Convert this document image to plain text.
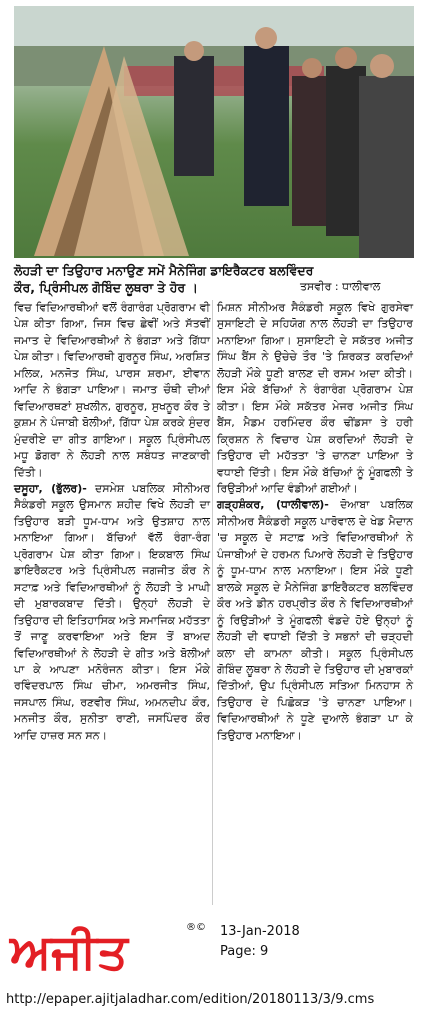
ਲੋਹੜੀ ਦਾ ਤਿਉਹਾਰ ਮਨਾਉਣ ਸਮੇਂ ਮੈਨੇਜਿੰਗ ਡਾਇਰੈਕਟਰ ਬਲਵਿੰਦਰ
ਕੌਰ, ਪ੍ਰਿੰਸੀਪਲ ਗੋਬਿੰਦ ਲੂਥਰਾ ਤੇ ਹੋਰ ।	ਤਸਵੀਰ : ਧਾਲੀਵਾਲ

ਵਿਚ ਵਿਦਿਆਰਥੀਆਂ ਵਲੋਂ ਰੰਗਾਰੰਗ ਪ੍ਰੋਗਰਾਮ ਵੀ ਪੇਸ਼ ਕੀਤਾ ਗਿਆ, ਜਿਸ ਵਿਚ ਛੇਵੀਂ ਅਤੇ ਸੱਤਵੀਂ ਜਮਾਤ ਦੇ ਵਿਦਿਆਰਥੀਆਂ ਨੇ ਭੰਗੜਾ ਅਤੇ ਗਿੱਧਾ ਪੇਸ਼ ਕੀਤਾ। ਵਿਦਿਆਰਥੀ ਗੁਰਨੂਰ ਸਿੰਘ, ਅਰਸ਼ਿਤ ਮਲਿਕ, ਮਨਜੋਤ ਸਿੰਘ, ਪਾਰਸ ਸ਼ਰਮਾ, ਈਵਾਨ ਆਦਿ ਨੇ ਭੰਗੜਾ ਪਾਇਆ। ਜਮਾਤ ਚੌਥੀ ਦੀਆਂ ਵਿਦਿਆਰਥਣਾਂ ਸੁਖਲੀਨ, ਗੁਰਨੂਰ, ਸੁਖਨੂਰ ਕੌਰ ਤੇ ਕੁਸ਼ਮ ਨੇ ਪੰਜਾਬੀ ਬੋਲੀਆਂ, ਗਿੱਧਾ ਪੇਸ਼ ਕਰਕੇ ਸੁੰਦਰ ਮੁੰਦਰੀਏ ਦਾ ਗੀਤ ਗਾਇਆ। ਸਕੂਲ ਪ੍ਰਿੰਸੀਪਲ ਮਧੂ ਡੋਗਰਾ ਨੇ ਲੋਹੜੀ ਨਾਲ ਸਬੰਧਤ ਜਾਣਕਾਰੀ ਦਿੱਤੀ।

ਦਸੂਹਾ, (ਭੁੱਲਰ)- ਦਸਮੇਸ਼ ਪਬਲਿਕ ਸੀਨੀਅਰ ਸੈਕੰਡਰੀ ਸਕੂਲ ਉਸਮਾਨ ਸ਼ਹੀਦ ਵਿਖੇ ਲੋਹੜੀ ਦਾ ਤਿਉਹਾਰ ਬੜੀ ਧੂਮ-ਧਾਮ ਅਤੇ ਉਤਸ਼ਾਹ ਨਾਲ ਮਨਾਇਆ ਗਿਆ। ਬੱਚਿਆਂ ਵੱਲੋਂ ਰੰਗਾ-ਰੰਗ ਪ੍ਰੋਗਰਾਮ ਪੇਸ਼ ਕੀਤਾ ਗਿਆ। ਇਕਬਾਲ ਸਿੰਘ ਡਾਇਰੈਕਟਰ ਅਤੇ ਪ੍ਰਿੰਸੀਪਲ ਜਗਜੀਤ ਕੌਰ ਨੇ ਸਟਾਫ਼ ਅਤੇ ਵਿਦਿਆਰਥੀਆਂ ਨੂੰ ਲੋਹੜੀ ਤੇ ਮਾਘੀ ਦੀ ਮੁਬਾਰਕਬਾਦ ਦਿੱਤੀ। ਉਨ੍ਹਾਂ ਲੋਹੜੀ ਦੇ ਤਿਉਹਾਰ ਦੀ ਇਤਿਹਾਸਿਕ ਅਤੇ ਸਮਾਜਿਕ ਮਹੱਤਤਾ ਤੋਂ ਜਾਣੂ ਕਰਵਾਇਆ ਅਤੇ ਇਸ ਤੋਂ ਬਾਅਦ ਵਿਦਿਆਰਥੀਆਂ ਨੇ ਲੋਹੜੀ ਦੇ ਗੀਤ ਅਤੇ ਬੋਲੀਆਂ ਪਾ ਕੇ ਆਪਣਾ ਮਨੋਰੰਜਨ ਕੀਤਾ। ਇਸ ਮੌਕੇ ਰਵਿੰਦਰਪਾਲ ਸਿੰਘ ਚੀਮਾ, ਅਮਰਜੀਤ ਸਿੰਘ, ਜਸਪਾਲ ਸਿੰਘ, ਰਣਵੀਰ ਸਿੰਘ, ਅਮਨਦੀਪ ਕੌਰ, ਮਨਜੀਤ ਕੌਰ, ਸੁਨੀਤਾ ਰਾਣੀ, ਜਸਪਿੰਦਰ ਕੌਰ ਆਦਿ ਹਾਜ਼ਰ ਸਨ ਸਨ।

ਮਿਸ਼ਨ ਸੀਨੀਅਰ ਸੈਕੰਡਰੀ ਸਕੂਲ ਵਿਖੇ ਗੁਰਸੇਵਾ ਸੁਸਾਇਟੀ ਦੇ ਸਹਿਯੋਗ ਨਾਲ ਲੋਹੜੀ ਦਾ ਤਿਉਹਾਰ ਮਨਾਇਆ ਗਿਆ। ਸੁਸਾਇਟੀ ਦੇ ਸਕੱਤਰ ਅਜੀਤ ਸਿੰਘ ਬੈਂਸ ਨੇ ਉਚੇਚੇ ਤੌਰ 'ਤੇ ਸ਼ਿਰਕਤ ਕਰਦਿਆਂ ਲੋਹੜੀ ਮੌਕੇ ਧੂਣੀ ਬਾਲਣ ਦੀ ਰਸਮ ਅਦਾ ਕੀਤੀ। ਇਸ ਮੌਕੇ ਬੱਚਿਆਂ ਨੇ ਰੰਗਾਰੰਗ ਪ੍ਰੋਗਰਾਮ ਪੇਸ਼ ਕੀਤਾ। ਇਸ ਮੌਕੇ ਸਕੱਤਰ ਮੇਜਰ ਅਜੀਤ ਸਿੰਘ ਬੈਂਸ, ਮੈਡਮ ਹਰਮਿੰਦਰ ਕੌਰ ਢੀਂਡਸਾ ਤੇ ਹਰੀ ਕ੍ਰਿਸ਼ਨ ਨੇ ਵਿਚਾਰ ਪੇਸ਼ ਕਰਦਿਆਂ ਲੋਹੜੀ ਦੇ ਤਿਉਹਾਰ ਦੀ ਮਹੱਤਤਾ 'ਤੇ ਚਾਨਣਾ ਪਾਇਆ ਤੇ ਵਧਾਈ ਦਿੱਤੀ। ਇਸ ਮੌਕੇ ਬੱਚਿਆਂ ਨੂੰ ਮੂੰਗਫਲੀ ਤੇ ਰਿਉੜੀਆਂ ਆਦਿ ਵੰਡੀਆਂ ਗਈਆਂ।

ਗੜ੍ਹਸ਼ੰਕਰ, (ਧਾਲੀਵਾਲ)- ਦੋਆਬਾ ਪਬਲਿਕ ਸੀਨੀਅਰ ਸੈਕੰਡਰੀ ਸਕੂਲ ਪਾਰੋਵਾਲ ਦੇ ਖੇਡ ਮੈਦਾਨ 'ਚ ਸਕੂਲ ਦੇ ਸਟਾਫ਼ ਅਤੇ ਵਿਦਿਆਰਥੀਆਂ ਨੇ ਪੰਜਾਬੀਆਂ ਦੇ ਹਰਮਨ ਪਿਆਰੇ ਲੋਹੜੀ ਦੇ ਤਿਉਹਾਰ ਨੂੰ ਧੂਮ-ਧਾਮ ਨਾਲ ਮਨਾਇਆ। ਇਸ ਮੌਕੇ ਧੂਣੀ ਬਾਲਕੇ ਸਕੂਲ ਦੇ ਮੈਨੇਜਿੰਗ ਡਾਇਰੈਕਟਰ ਬਲਵਿੰਦਰ ਕੌਰ ਅਤੇ ਡੀਨ ਹਰਪ੍ਰੀਤ ਕੌਰ ਨੇ ਵਿਦਿਆਰਥੀਆਂ ਨੂੰ ਰਿਉੜੀਆਂ ਤੇ ਮੂੰਗਫਲੀ ਵੰਡਦੇ ਹੋਏ ਉਨ੍ਹਾਂ ਨੂੰ ਲੋਹੜੀ ਦੀ ਵਧਾਈ ਦਿੱਤੀ ਤੇ ਸਭਨਾਂ ਦੀ ਚੜ੍ਹਦੀ ਕਲਾ ਦੀ ਕਾਮਨਾ ਕੀਤੀ। ਸਕੂਲ ਪ੍ਰਿੰਸੀਪਲ ਗੋਬਿੰਦ ਲੂਥਰਾ ਨੇ ਲੋਹੜੀ ਦੇ ਤਿਉਹਾਰ ਦੀ ਮੁਬਾਰਕਾਂ ਦਿੱਤੀਆਂ, ਉਪ ਪ੍ਰਿੰਸੀਪਲ ਸਤਿਆ ਮਿਨਹਾਸ ਨੇ ਤਿਉਹਾਰ ਦੇ ਪਿਛੋਕੜ 'ਤੇ ਚਾਨਣਾ ਪਾਇਆ। ਵਿਦਿਆਰਥੀਆਂ ਨੇ ਧੂਣੇ ਦੁਆਲੇ ਭੰਗੜਾ ਪਾ ਕੇ ਤਿਉਹਾਰ ਮਨਾਇਆ।

ਅਜੀਤ	®© 13-Jan-2018
Page: 9
http://epaper.ajitjaladhar.com/edition/20180113/3/9.cms
